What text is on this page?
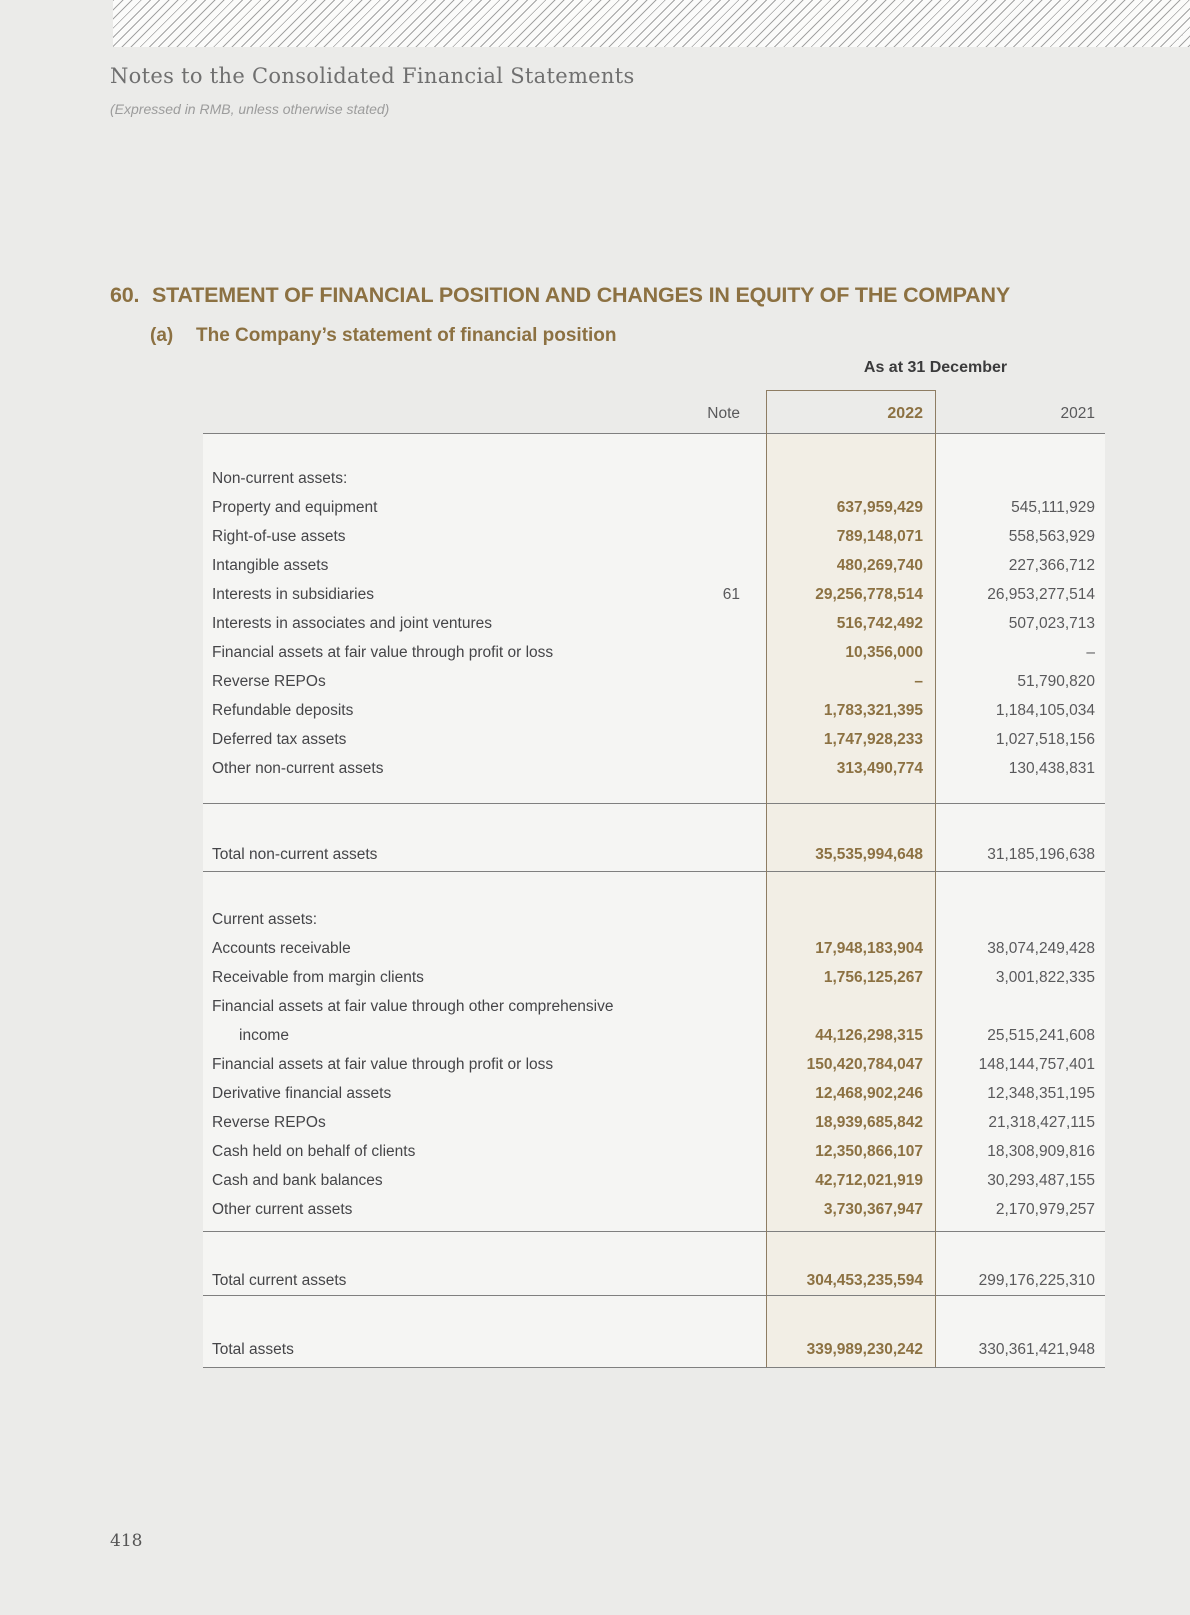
Notes to the Consolidated Financial Statements
(Expressed in RMB, unless otherwise stated)
60. STATEMENT OF FINANCIAL POSITION AND CHANGES IN EQUITY OF THE COMPANY
(a) The Company’s statement of financial position
As at 31 December
Note	2022	2021
Non-current assets:
Property and equipment	637,959,429	545,111,929
Right-of-use assets	789,148,071	558,563,929
Intangible assets	480,269,740	227,366,712
Interests in subsidiaries	61	29,256,778,514	26,953,277,514
Interests in associates and joint ventures	516,742,492	507,023,713
Financial assets at fair value through profit or loss	10,356,000	–
Reverse REPOs	–	51,790,820
Refundable deposits	1,783,321,395	1,184,105,034
Deferred tax assets	1,747,928,233	1,027,518,156
Other non-current assets	313,490,774	130,438,831
Total non-current assets	35,535,994,648	31,185,196,638
Current assets:
Accounts receivable	17,948,183,904	38,074,249,428
Receivable from margin clients	1,756,125,267	3,001,822,335
Financial assets at fair value through other comprehensive
income	44,126,298,315	25,515,241,608
Financial assets at fair value through profit or loss	150,420,784,047	148,144,757,401
Derivative financial assets	12,468,902,246	12,348,351,195
Reverse REPOs	18,939,685,842	21,318,427,115
Cash held on behalf of clients	12,350,866,107	18,308,909,816
Cash and bank balances	42,712,021,919	30,293,487,155
Other current assets	3,730,367,947	2,170,979,257
Total current assets	304,453,235,594	299,176,225,310
Total assets	339,989,230,242	330,361,421,948
418
